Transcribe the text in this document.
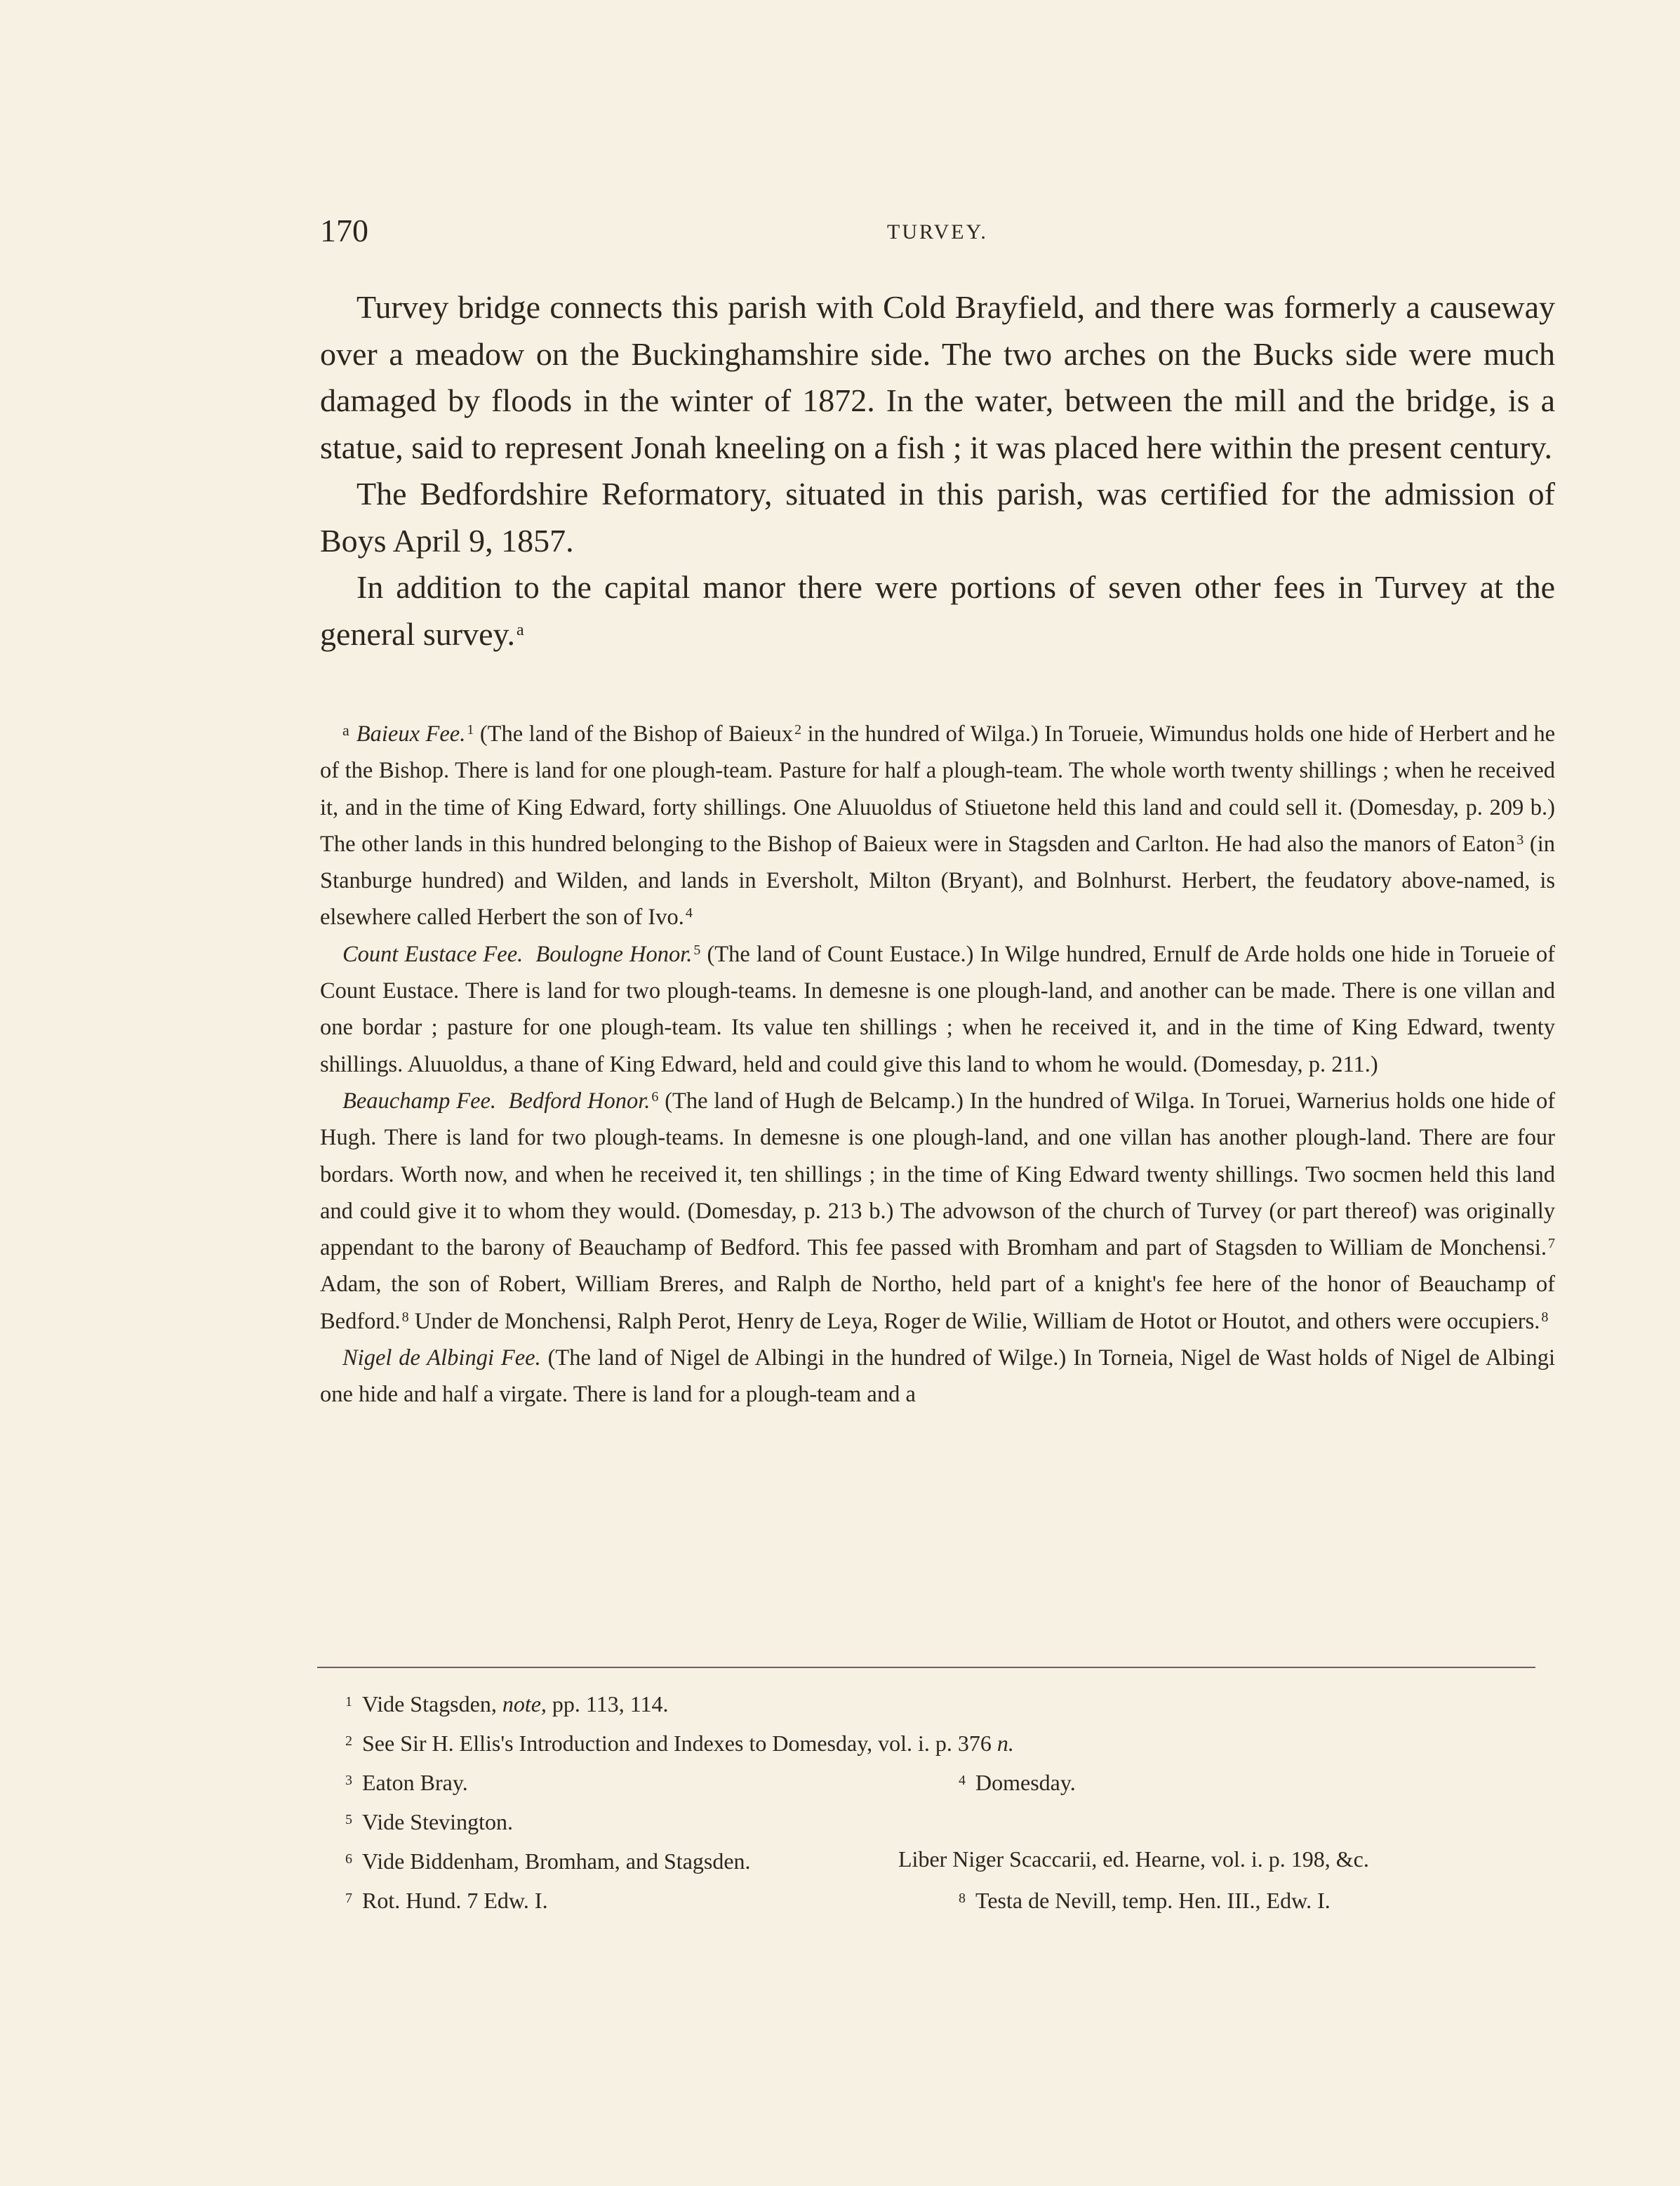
170	TURVEY.

Turvey bridge connects this parish with Cold Brayfield, and there was formerly a causeway over a meadow on the Buckinghamshire side. The two arches on the Bucks side were much damaged by floods in the winter of 1872. In the water, between the mill and the bridge, is a statue, said to represent Jonah kneeling on a fish ; it was placed here within the present century.

The Bedfordshire Reformatory, situated in this parish, was certified for the admission of Boys April 9, 1857.

In addition to the capital manor there were portions of seven other fees in Turvey at the general survey.$^a$

$^a$ Baieux Fee. $^1$ (The land of the Bishop of Baieux $^2$ in the hundred of Wilga.) In Torueie, Wimundus holds one hide of Herbert and he of the Bishop. There is land for one plough-team. Pasture for half a plough-team. The whole worth twenty shillings ; when he received it, and in the time of King Edward, forty shillings. One Aluuoldus of Stiuetone held this land and could sell it. (Domesday, p. 209 b.) The other lands in this hundred belonging to the Bishop of Baieux were in Stagsden and Carlton. He had also the manors of Eaton $^3$ (in Stanburge hundred) and Wilden, and lands in Eversholt, Milton (Bryant), and Bolnhurst. Herbert, the feudatory above-named, is elsewhere called Herbert the son of Ivo. $^4$

Count Eustace Fee. Boulogne Honor. $^5$ (The land of Count Eustace.) In Wilge hundred, Ernulf de Arde holds one hide in Torueie of Count Eustace. There is land for two plough-teams. In demesne is one plough-land, and another can be made. There is one villan and one bordar ; pasture for one plough-team. Its value ten shillings ; when he received it, and in the time of King Edward, twenty shillings. Aluuoldus, a thane of King Edward, held and could give this land to whom he would. (Domesday, p. 211.)

Beauchamp Fee. Bedford Honor. $^6$ (The land of Hugh de Belcamp.) In the hundred of Wilga. In Toruei, Warnerius holds one hide of Hugh. There is land for two plough-teams. In demesne is one plough-land, and one villan has another plough-land. There are four bordars. Worth now, and when he received it, ten shillings ; in the time of King Edward twenty shillings. Two socmen held this land and could give it to whom they would. (Domesday, p. 213 b.) The advowson of the church of Turvey (or part thereof) was originally appendant to the barony of Beauchamp of Bedford. This fee passed with Bromham and part of Stagsden to William de Monchensi. $^7$ Adam, the son of Robert, William Breres, and Ralph de Northo, held part of a knight's fee here of the honor of Beauchamp of Bedford. $^8$ Under de Monchensi, Ralph Perot, Henry de Leya, Roger de Wilie, William de Hotot or Houtot, and others were occupiers. $^8$

Nigel de Albingi Fee. (The land of Nigel de Albingi in the hundred of Wilge.) In Torneia, Nigel de Wast holds of Nigel de Albingi one hide and half a virgate. There is land for a plough-team and a

$^1$ Vide Stagsden, note, pp. 113, 114.
$^2$ See Sir H. Ellis's Introduction and Indexes to Domesday, vol. i. p. 376 n.
$^3$ Eaton Bray.	$^4$ Domesday.
$^5$ Vide Stevington.
$^6$ Vide Biddenham, Bromham, and Stagsden.	Liber Niger Scaccarii, ed. Hearne, vol. i. p. 198, &c.
$^7$ Rot. Hund. 7 Edw. I.	$^8$ Testa de Nevill, temp. Hen. III., Edw. I.
